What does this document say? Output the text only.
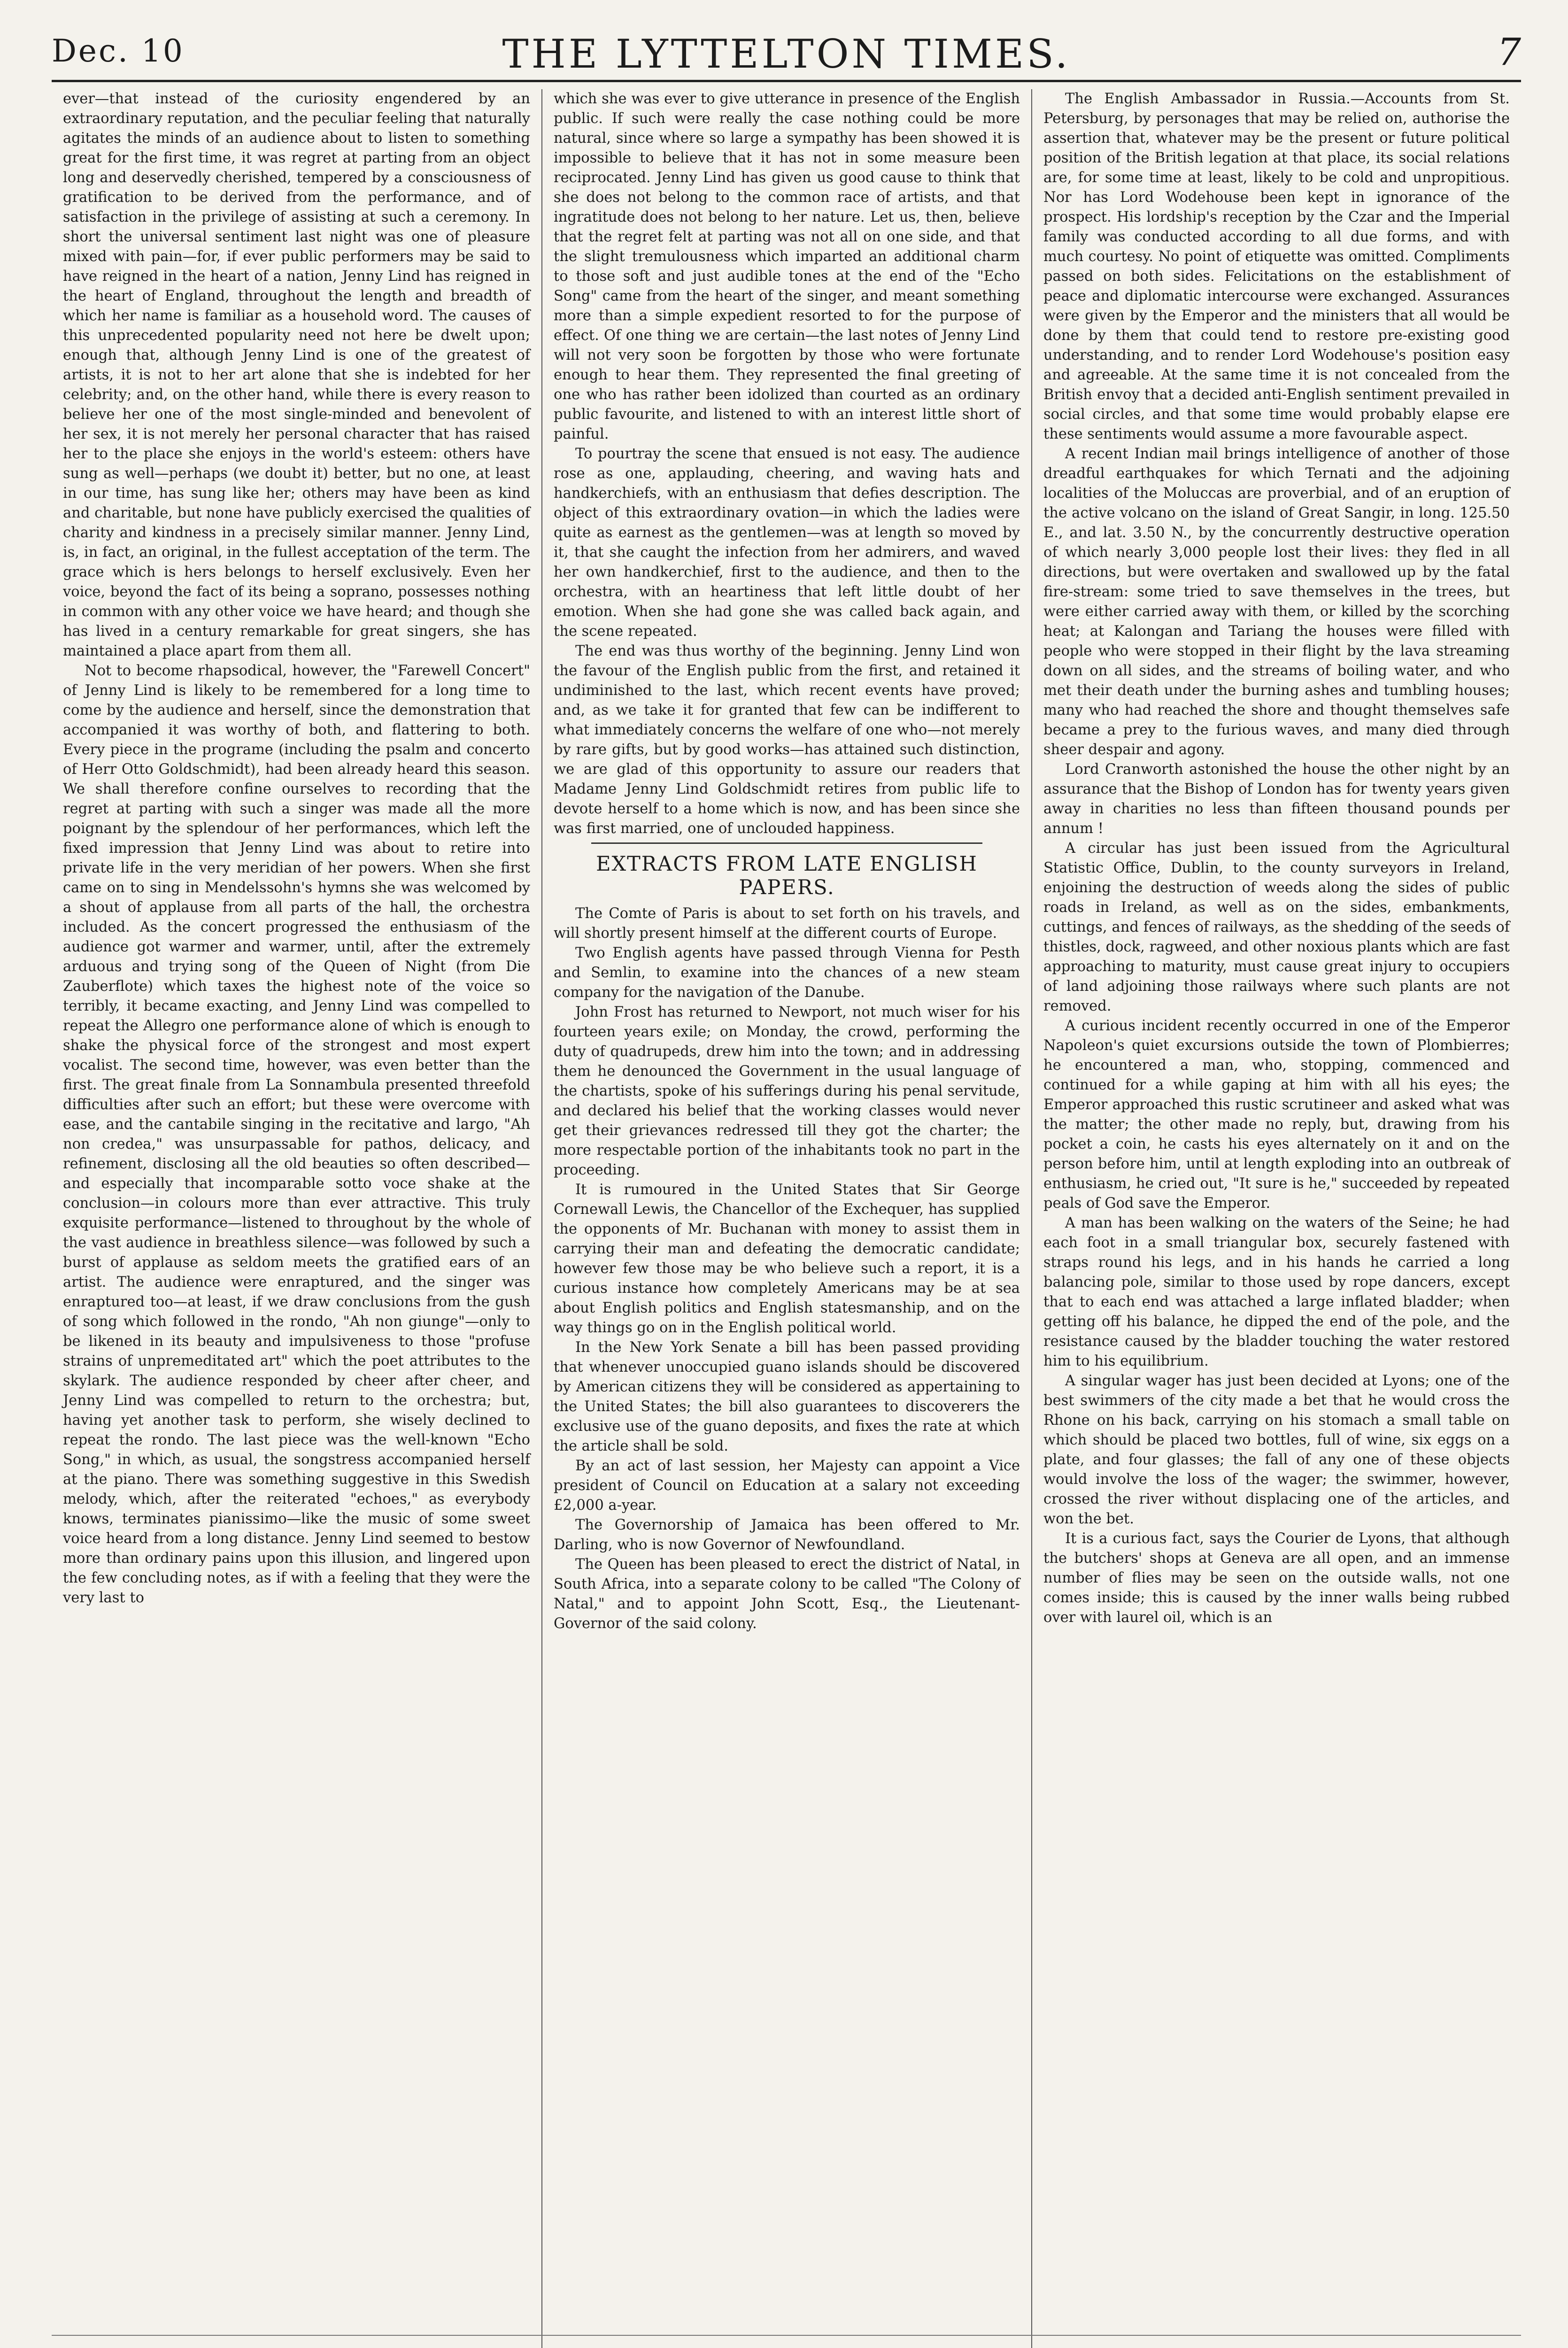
Dec. 10	THE LYTTELTON TIMES.	7

ever—that instead of the curiosity engendered by an extraordinary reputation, and the peculiar feeling that naturally agitates the minds of an audience about to listen to something great for the first time, it was regret at parting from an object long and deservedly cherished, tempered by a consciousness of gratification to be derived from the performance, and of satisfaction in the privilege of assisting at such a ceremony. In short the universal sentiment last night was one of pleasure mixed with pain—for, if ever public performers may be said to have reigned in the heart of a nation, Jenny Lind has reigned in the heart of England, throughout the length and breadth of which her name is familiar as a household word. The causes of this unprecedented popularity need not here be dwelt upon; enough that, although Jenny Lind is one of the greatest of artists, it is not to her art alone that she is indebted for her celebrity; and, on the other hand, while there is every reason to believe her one of the most single-minded and benevolent of her sex, it is not merely her personal character that has raised her to the place she enjoys in the world's esteem: others have sung as well—perhaps (we doubt it) better, but no one, at least in our time, has sung like her; others may have been as kind and charitable, but none have publicly exercised the qualities of charity and kindness in a precisely similar manner. Jenny Lind, is, in fact, an original, in the fullest acceptation of the term. The grace which is hers belongs to herself exclusively. Even her voice, beyond the fact of its being a soprano, possesses nothing in common with any other voice we have heard; and though she has lived in a century remarkable for great singers, she has maintained a place apart from them all.

Not to become rhapsodical, however, the "Farewell Concert" of Jenny Lind is likely to be remembered for a long time to come by the audience and herself, since the demonstration that accompanied it was worthy of both, and flattering to both. Every piece in the programe (including the psalm and concerto of Herr Otto Goldschmidt), had been already heard this season. We shall therefore confine ourselves to recording that the regret at parting with such a singer was made all the more poignant by the splendour of her performances, which left the fixed impression that Jenny Lind was about to retire into private life in the very meridian of her powers. When she first came on to sing in Mendelssohn's hymns she was welcomed by a shout of applause from all parts of the hall, the orchestra included. As the concert progressed the enthusiasm of the audience got warmer and warmer, until, after the extremely arduous and trying song of the Queen of Night (from Die Zauberflote) which taxes the highest note of the voice so terribly, it became exacting, and Jenny Lind was compelled to repeat the Allegro one performance alone of which is enough to shake the physical force of the strongest and most expert vocalist. The second time, however, was even better than the first. The great finale from La Sonnambula presented threefold difficulties after such an effort; but these were overcome with ease, and the cantabile singing in the recitative and largo, "Ah non credea," was unsurpassable for pathos, delicacy, and refinement, disclosing all the old beauties so often described—and especially that incomparable sotto voce shake at the conclusion—in colours more than ever attractive. This truly exquisite performance—listened to throughout by the whole of the vast audience in breathless silence—was followed by such a burst of applause as seldom meets the gratified ears of an artist. The audience were enraptured, and the singer was enraptured too—at least, if we draw conclusions from the gush of song which followed in the rondo, "Ah non giunge"—only to be likened in its beauty and impulsiveness to those "profuse strains of unpremeditated art" which the poet attributes to the skylark. The audience responded by cheer after cheer, and Jenny Lind was compelled to return to the orchestra; but, having yet another task to perform, she wisely declined to repeat the rondo. The last piece was the well-known "Echo Song," in which, as usual, the songstress accompanied herself at the piano. There was something suggestive in this Swedish melody, which, after the reiterated "echoes," as everybody knows, terminates pianissimo—like the music of some sweet voice heard from a long distance. Jenny Lind seemed to bestow more than ordinary pains upon this illusion, and lingered upon the few concluding notes, as if with a feeling that they were the very last to

which she was ever to give utterance in presence of the English public. If such were really the case nothing could be more natural, since where so large a sympathy has been showed it is impossible to believe that it has not in some measure been reciprocated. Jenny Lind has given us good cause to think that she does not belong to the common race of artists, and that ingratitude does not belong to her nature. Let us, then, believe that the regret felt at parting was not all on one side, and that the slight tremulousness which imparted an additional charm to those soft and just audible tones at the end of the "Echo Song" came from the heart of the singer, and meant something more than a simple expedient resorted to for the purpose of effect. Of one thing we are certain—the last notes of Jenny Lind will not very soon be forgotten by those who were fortunate enough to hear them. They represented the final greeting of one who has rather been idolized than courted as an ordinary public favourite, and listened to with an interest little short of painful.

To pourtray the scene that ensued is not easy. The audience rose as one, applauding, cheering, and waving hats and handkerchiefs, with an enthusiasm that defies description. The object of this extraordinary ovation—in which the ladies were quite as earnest as the gentlemen—was at length so moved by it, that she caught the infection from her admirers, and waved her own handkerchief, first to the audience, and then to the orchestra, with an heartiness that left little doubt of her emotion. When she had gone she was called back again, and the scene repeated.

The end was thus worthy of the beginning. Jenny Lind won the favour of the English public from the first, and retained it undiminished to the last, which recent events have proved; and, as we take it for granted that few can be indifferent to what immediately concerns the welfare of one who—not merely by rare gifts, but by good works—has attained such distinction, we are glad of this opportunity to assure our readers that Madame Jenny Lind Goldschmidt retires from public life to devote herself to a home which is now, and has been since she was first married, one of unclouded happiness.

EXTRACTS FROM LATE ENGLISH PAPERS.

The Comte of Paris is about to set forth on his travels, and will shortly present himself at the different courts of Europe.

Two English agents have passed through Vienna for Pesth and Semlin, to examine into the chances of a new steam company for the navigation of the Danube.

John Frost has returned to Newport, not much wiser for his fourteen years exile; on Monday, the crowd, performing the duty of quadrupeds, drew him into the town; and in addressing them he denounced the Government in the usual language of the chartists, spoke of his sufferings during his penal servitude, and declared his belief that the working classes would never get their grievances redressed till they got the charter; the more respectable portion of the inhabitants took no part in the proceeding.

It is rumoured in the United States that Sir George Cornewall Lewis, the Chancellor of the Exchequer, has supplied the opponents of Mr. Buchanan with money to assist them in carrying their man and defeating the democratic candidate; however few those may be who believe such a report, it is a curious instance how completely Americans may be at sea about English politics and English statesmanship, and on the way things go on in the English political world.

In the New York Senate a bill has been passed providing that whenever unoccupied guano islands should be discovered by American citizens they will be considered as appertaining to the United States; the bill also guarantees to discoverers the exclusive use of the guano deposits, and fixes the rate at which the article shall be sold.

By an act of last session, her Majesty can appoint a Vice president of Council on Education at a salary not exceeding £2,000 a-year.

The Governorship of Jamaica has been offered to Mr. Darling, who is now Governor of Newfoundland.

The Queen has been pleased to erect the district of Natal, in South Africa, into a separate colony to be called "The Colony of Natal," and to appoint John Scott, Esq., the Lieutenant-Governor of the said colony.

The English Ambassador in Russia.—Accounts from St. Petersburg, by personages that may be relied on, authorise the assertion that, whatever may be the present or future political position of the British legation at that place, its social relations are, for some time at least, likely to be cold and unpropitious. Nor has Lord Wodehouse been kept in ignorance of the prospect. His lordship's reception by the Czar and the Imperial family was conducted according to all due forms, and with much courtesy. No point of etiquette was omitted. Compliments passed on both sides. Felicitations on the establishment of peace and diplomatic intercourse were exchanged. Assurances were given by the Emperor and the ministers that all would be done by them that could tend to restore pre-existing good understanding, and to render Lord Wodehouse's position easy and agreeable. At the same time it is not concealed from the British envoy that a decided anti-English sentiment prevailed in social circles, and that some time would probably elapse ere these sentiments would assume a more favourable aspect.

A recent Indian mail brings intelligence of another of those dreadful earthquakes for which Ternati and the adjoining localities of the Moluccas are proverbial, and of an eruption of the active volcano on the island of Great Sangir, in long. 125.50 E., and lat. 3.50 N., by the concurrently destructive operation of which nearly 3,000 people lost their lives: they fled in all directions, but were overtaken and swallowed up by the fatal fire-stream: some tried to save themselves in the trees, but were either carried away with them, or killed by the scorching heat; at Kalongan and Tariang the houses were filled with people who were stopped in their flight by the lava streaming down on all sides, and the streams of boiling water, and who met their death under the burning ashes and tumbling houses; many who had reached the shore and thought themselves safe became a prey to the furious waves, and many died through sheer despair and agony.

Lord Cranworth astonished the house the other night by an assurance that the Bishop of London has for twenty years given away in charities no less than fifteen thousand pounds per annum !

A circular has just been issued from the Agricultural Statistic Office, Dublin, to the county surveyors in Ireland, enjoining the destruction of weeds along the sides of public roads in Ireland, as well as on the sides, embankments, cuttings, and fences of railways, as the shedding of the seeds of thistles, dock, ragweed, and other noxious plants which are fast approaching to maturity, must cause great injury to occupiers of land adjoining those railways where such plants are not removed.

A curious incident recently occurred in one of the Emperor Napoleon's quiet excursions outside the town of Plombierres; he encountered a man, who, stopping, commenced and continued for a while gaping at him with all his eyes; the Emperor approached this rustic scrutineer and asked what was the matter; the other made no reply, but, drawing from his pocket a coin, he casts his eyes alternately on it and on the person before him, until at length exploding into an outbreak of enthusiasm, he cried out, "It sure is he," succeeded by repeated peals of God save the Emperor.

A man has been walking on the waters of the Seine; he had each foot in a small triangular box, securely fastened with straps round his legs, and in his hands he carried a long balancing pole, similar to those used by rope dancers, except that to each end was attached a large inflated bladder; when getting off his balance, he dipped the end of the pole, and the resistance caused by the bladder touching the water restored him to his equilibrium.

A singular wager has just been decided at Lyons; one of the best swimmers of the city made a bet that he would cross the Rhone on his back, carrying on his stomach a small table on which should be placed two bottles, full of wine, six eggs on a plate, and four glasses; the fall of any one of these objects would involve the loss of the wager; the swimmer, however, crossed the river without displacing one of the articles, and won the bet.

It is a curious fact, says the Courier de Lyons, that although the butchers' shops at Geneva are all open, and an immense number of flies may be seen on the outside walls, not one comes inside; this is caused by the inner walls being rubbed over with laurel oil, which is an
